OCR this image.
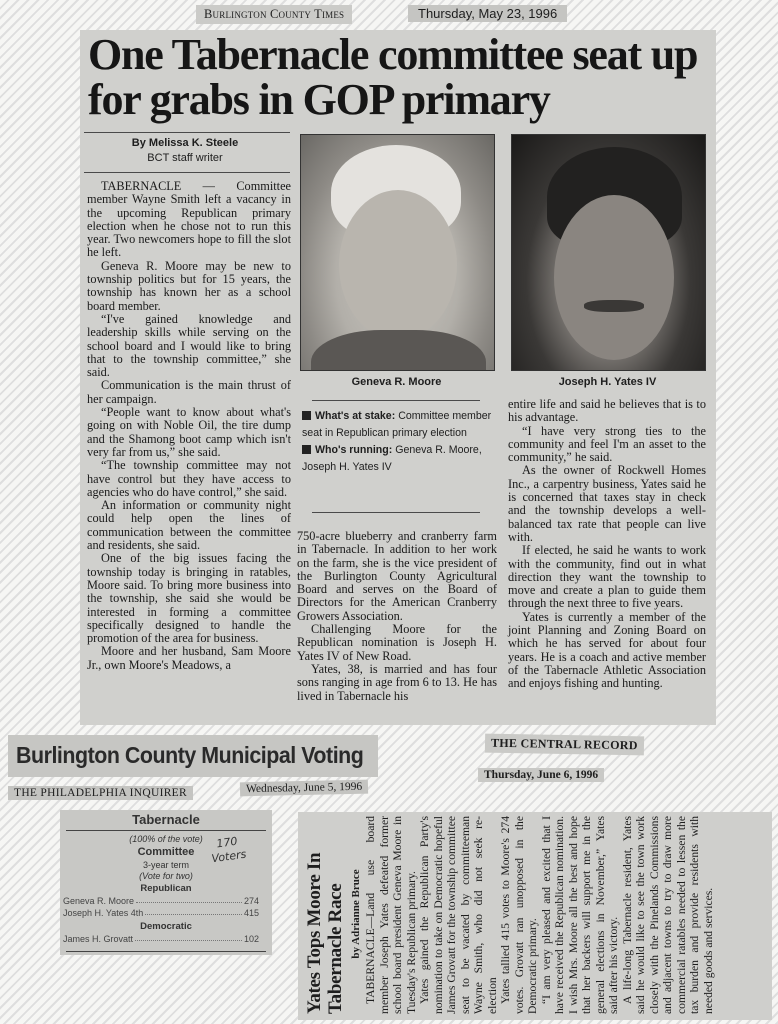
Burlington County Times	Thursday, May 23, 1996
One Tabernacle committee seat up for grabs in GOP primary
By Melissa K. Steele
BCT staff writer

TABERNACLE — Committee member Wayne Smith left a vacancy in the upcoming Republican primary election when he chose not to run this year. Two newcomers hope to fill the slot he left.

Geneva R. Moore may be new to township politics but for 15 years, the township has known her as a school board member.

“I've gained knowledge and leadership skills while serving on the school board and I would like to bring that to the township committee,” she said.

Communication is the main thrust of her campaign.

“People want to know about what's going on with Noble Oil, the tire dump and the Shamong boot camp which isn't very far from us,” she said.

“The township committee may not have control but they have access to agencies who do have control,” she said.

An information or community night could help open the lines of communication between the committee and residents, she said.

One of the big issues facing the township today is bringing in ratables, Moore said. To bring more business into the township, she said she would be interested in forming a committee specifically designed to handle the promotion of the area for business.

Moore and her husband, Sam Moore Jr., own Moore's Meadows, a

Geneva R. Moore	Joseph H. Yates IV
What's at stake: Committee member seat in Republican primary election
Who's running: Geneva R. Moore, Joseph H. Yates IV

750-acre blueberry and cranberry farm in Tabernacle. In addition to her work on the farm, she is the vice president of the Burlington County Agricultural Board and serves on the Board of Directors for the American Cranberry Growers Association.

Challenging Moore for the Republican nomination is Joseph H. Yates IV of New Road.

Yates, 38, is married and has four sons ranging in age from 6 to 13. He has lived in Tabernacle his

entire life and said he believes that is to his advantage.

“I have very strong ties to the community and feel I'm an asset to the community,” he said.

As the owner of Rockwell Homes Inc., a carpentry business, Yates said he is concerned that taxes stay in check and the township develops a well-balanced tax rate that people can live with.

If elected, he said he wants to work with the community, find out in what direction they want the township to move and create a plan to guide them through the next three to five years.

Yates is currently a member of the joint Planning and Zoning Board on which he has served for about four years. He is a coach and active member of the Tabernacle Athletic Association and enjoys fishing and hunting.

Burlington County Municipal Voting
THE PHILADELPHIA INQUIRER	Wednesday, June 5, 1996
THE CENTRAL RECORD
Thursday, June 6, 1996
Tabernacle
(100% of the vote)
Committee
3-year term
(Vote for two)
Republican
Geneva R. Moore	274
Joseph H. Yates 4th	415
Democratic
James H. Grovatt	102
170 Voters	Yates Tops Moore In Tabernacle Race by Adrianne Bruce TABERNACLE—Land use board member Joseph Yates defeated former school board president Geneva Moore in Tuesday's Republican primary. Yates gained the Republican Party's nomination to take on Democratic hopeful James Grovatt for the township committee seat to be vacated by committeeman Wayne Smith, who did not seek re-election Yates tallied 415 votes to Moore's 274 votes. Grovatt ran unopposed in the Democratic primary. “I am very pleased and excited that I have received the Republican nomination. I wish Mrs. Moore all the best and hope that her backers will support me in the general elections in November,” Yates said after his victory. A life-long Tabernacle resident, Yates said he would like to see the town work closely with the Pinelands Commissions and adjacent towns to try to draw more commercial ratables needed to lessen the tax burden and provide residents with needed goods and services.
